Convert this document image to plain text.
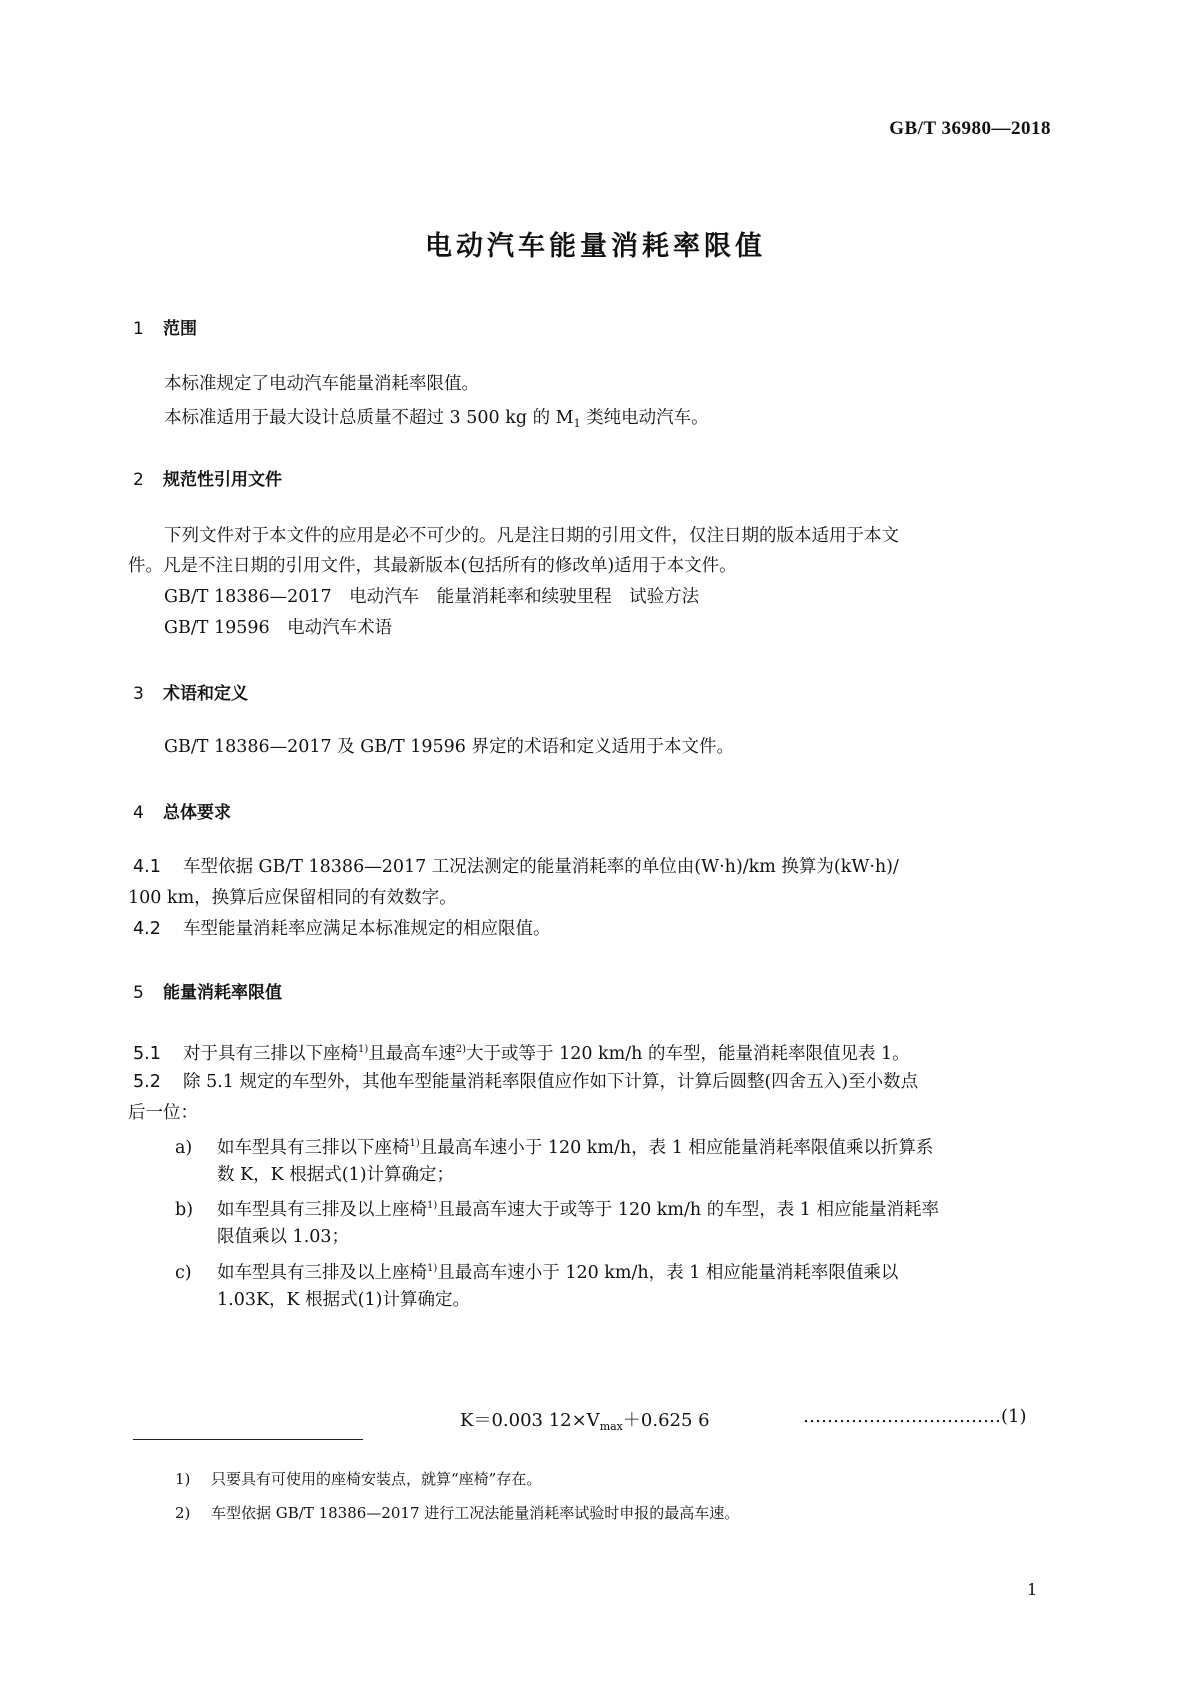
GB/T 36980—2018
电动汽车能量消耗率限值
1 范围
本标准规定了电动汽车能量消耗率限值。
本标准适用于最大设计总质量不超过 3 500 kg 的 $M_1$ 类纯电动汽车。
2 规范性引用文件
下列文件对于本文件的应用是必不可少的。凡是注日期的引用文件，仅注日期的版本适用于本文
件。凡是不注日期的引用文件，其最新版本(包括所有的修改单)适用于本文件。
GB/T 18386—2017　电动汽车　能量消耗率和续驶里程　试验方法
GB/T 19596　电动汽车术语
3 术语和定义
GB/T 18386—2017 及 GB/T 19596 界定的术语和定义适用于本文件。
4 总体要求
4.1 车型依据 GB/T 18386—2017 工况法测定的能量消耗率的单位由(W·h)/km 换算为(kW·h)/
100 km，换算后应保留相同的有效数字。
4.2 车型能量消耗率应满足本标准规定的相应限值。
5 能量消耗率限值
5.1 对于具有三排以下座椅$^{1)}$且最高车速$^{2)}$大于或等于 120 km/h 的车型，能量消耗率限值见表 1。
5.2 除 5.1 规定的车型外，其他车型能量消耗率限值应作如下计算，计算后圆整(四舍五入)至小数点
后一位：
a) 如车型具有三排以下座椅$^{1)}$且最高车速小于 120 km/h，表 1 相应能量消耗率限值乘以折算系
数 K，K 根据式(1)计算确定；
b) 如车型具有三排及以上座椅$^{1)}$且最高车速大于或等于 120 km/h 的车型，表 1 相应能量消耗率
限值乘以 1.03；
c) 如车型具有三排及以上座椅$^{1)}$且最高车速小于 120 km/h，表 1 相应能量消耗率限值乘以
1.03K，K 根据式(1)计算确定。
K＝0.003 $12\times V_{max}+0.625$ 6	……………………………(1)
1) 只要具有可使用的座椅安装点，就算“座椅”存在。
2) 车型依据 GB/T 18386—2017 进行工况法能量消耗率试验时申报的最高车速。
1
